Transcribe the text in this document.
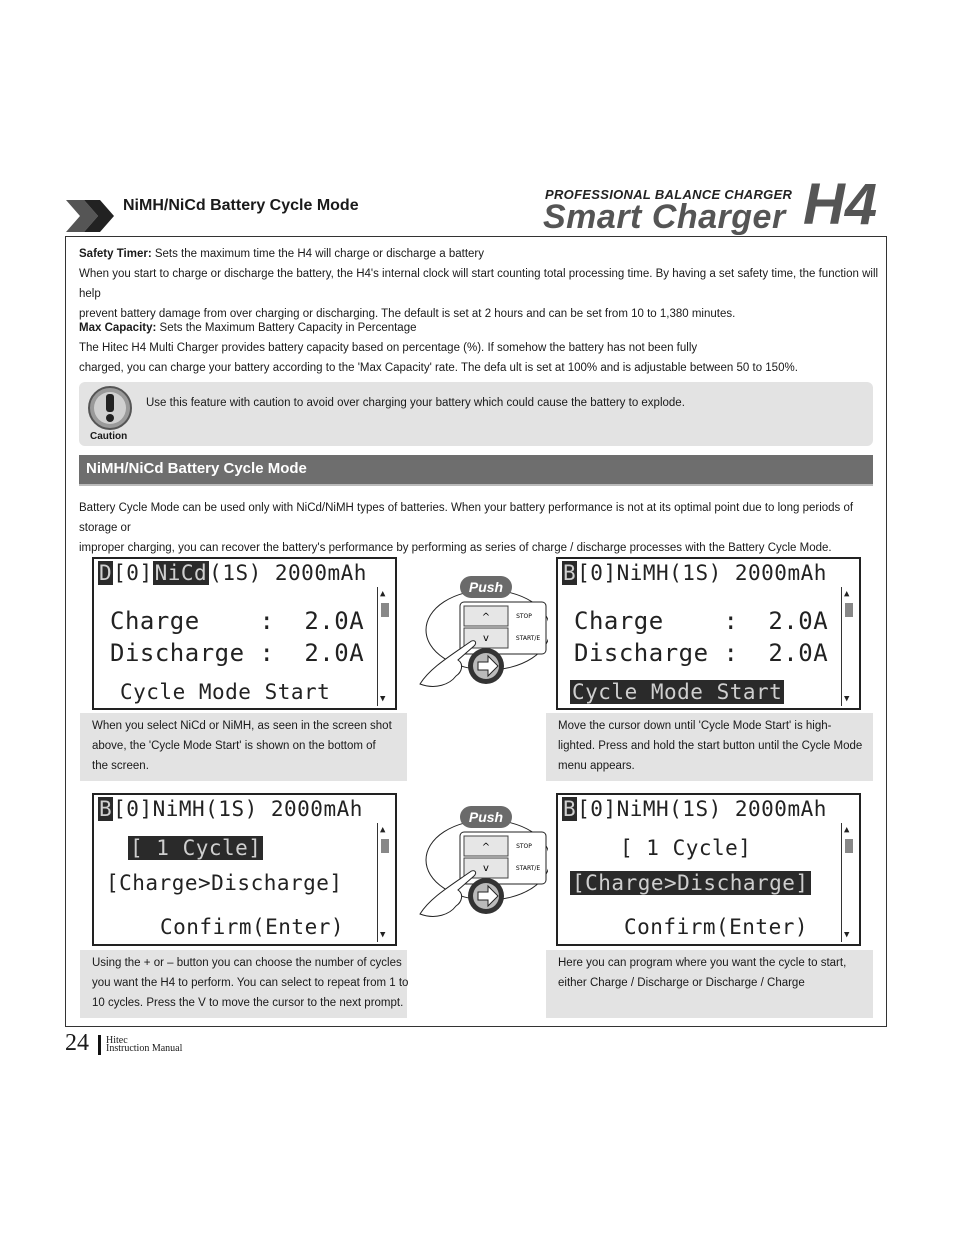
NiMH/NiCd Battery Cycle Mode
PROFESSIONAL BALANCE CHARGER
Smart Charger H4
Safety Timer: Sets the maximum time the H4 will charge or discharge a battery
When you start to charge or discharge the battery, the H4's internal clock will start counting total processing time. By having a set safety time, the function will help
prevent battery damage from over charging or discharging. The default is set at 2 hours and can be set from 10 to 1,380 minutes.
Max Capacity: Sets the Maximum Battery Capacity in Percentage
The Hitec H4 Multi Charger provides battery capacity based on percentage (%). If somehow the battery has not been fully
charged, you can charge your battery according to the 'Max Capacity' rate. The defa ult is set at 100% and is adjustable between 50 to 150%.
Caution
Use this feature with caution to avoid over charging your battery which could cause the battery to explode.
NiMH/NiCd Battery Cycle Mode
Battery Cycle Mode can be used only with NiCd/NiMH types of batteries. When your battery performance is not at its optimal point due to long periods of storage or
improper charging, you can recover the battery's performance by performing as series of charge / discharge processes with the Battery Cycle Mode.
D[0]NiCd(1S) 2000mAh
Charge    :  2.0A
Discharge :  2.0A
Cycle Mode Start
▲
▼
B[0]NiMH(1S) 2000mAh
Charge    :  2.0A
Discharge :  2.0A
Cycle Mode Start
▲
▼
B[0]NiMH(1S) 2000mAh
[ 1 Cycle]
[Charge>Discharge]
Confirm(Enter)
▲
▼
B[0]NiMH(1S) 2000mAh
[ 1 Cycle]
[Charge>Discharge]
Confirm(Enter)
▲
▼
When you select NiCd or NiMH, as seen in the screen shot
above, the 'Cycle Mode Start' is shown on the bottom of
the screen.
Move the cursor down until 'Cycle Mode Start' is high-
lighted. Press and hold the start button until the Cycle Mode
menu appears.
Using the + or – button you can choose the number of cycles
you want the H4 to perform. You can select to repeat from 1 to
10 cycles. Press the V to move the cursor to the next prompt.
Here you can program where you want the cycle to start,
either Charge / Discharge or Discharge / Charge
^
v
STOP
START/E
Push
^
v
STOP
START/E
Push
24 Hitec
Instruction Manual
